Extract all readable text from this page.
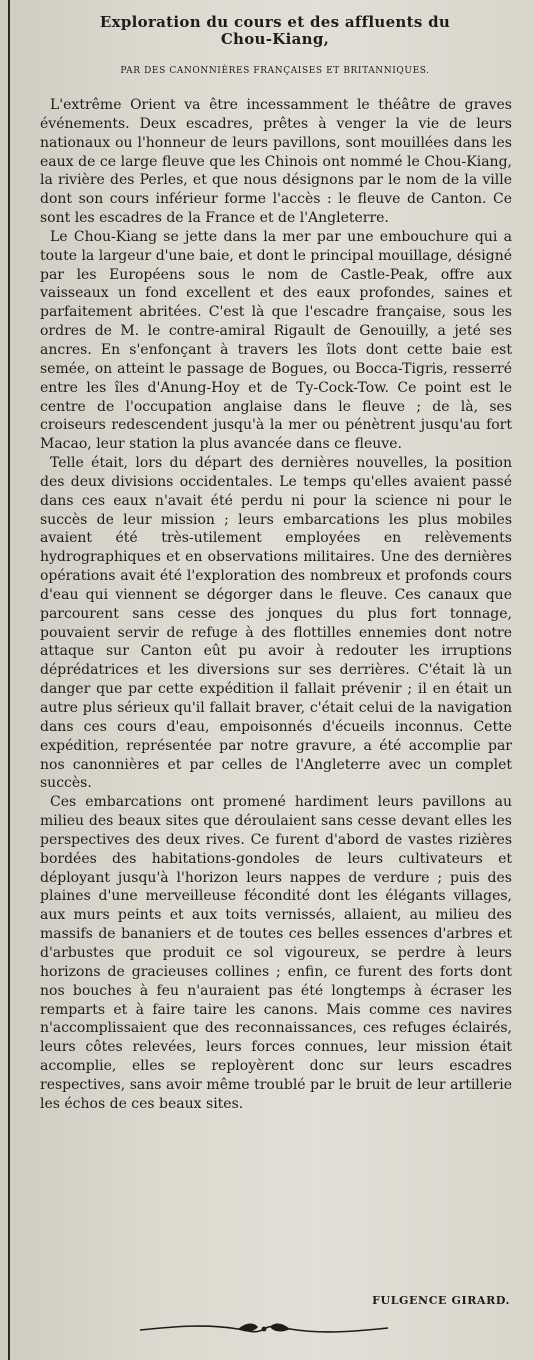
Exploration du cours et des affluents du
Chou-Kiang,
PAR DES CANONNIÈRES FRANÇAISES ET BRITANNIQUES.

L'extrême Orient va être incessamment le théâtre de graves événements. Deux escadres, prêtes à venger la vie de leurs nationaux ou l'honneur de leurs pavillons, sont mouillées dans les eaux de ce large fleuve que les Chinois ont nommé le Chou-Kiang, la rivière des Perles, et que nous désignons par le nom de la ville dont son cours inférieur forme l'accès : le fleuve de Canton. Ce sont les escadres de la France et de l'Angleterre.

Le Chou-Kiang se jette dans la mer par une embouchure qui a toute la largeur d'une baie, et dont le principal mouillage, désigné par les Européens sous le nom de Castle-Peak, offre aux vaisseaux un fond excellent et des eaux profondes, saines et parfaitement abritées. C'est là que l'escadre française, sous les ordres de M. le contre-amiral Rigault de Genouilly, a jeté ses ancres. En s'enfonçant à travers les îlots dont cette baie est semée, on atteint le passage de Bogues, ou Bocca-Tigris, resserré entre les îles d'Anung-Hoy et de Ty-Cock-Tow. Ce point est le centre de l'occupation anglaise dans le fleuve ; de là, ses croiseurs redescendent jusqu'à la mer ou pénètrent jusqu'au fort Macao, leur station la plus avancée dans ce fleuve.

Telle était, lors du départ des dernières nouvelles, la position des deux divisions occidentales. Le temps qu'elles avaient passé dans ces eaux n'avait été perdu ni pour la science ni pour le succès de leur mission ; leurs embarcations les plus mobiles avaient été très-utilement employées en relèvements hydrographiques et en observations militaires. Une des dernières opérations avait été l'exploration des nombreux et profonds cours d'eau qui viennent se dégorger dans le fleuve. Ces canaux que parcourent sans cesse des jonques du plus fort tonnage, pouvaient servir de refuge à des flottilles ennemies dont notre attaque sur Canton eût pu avoir à redouter les irruptions déprédatrices et les diversions sur ses derrières. C'était là un danger que par cette expédition il fallait prévenir ; il en était un autre plus sérieux qu'il fallait braver, c'était celui de la navigation dans ces cours d'eau, empoisonnés d'écueils inconnus. Cette expédition, représentée par notre gravure, a été accomplie par nos canonnières et par celles de l'Angleterre avec un complet succès.

Ces embarcations ont promené hardiment leurs pavillons au milieu des beaux sites que déroulaient sans cesse devant elles les perspectives des deux rives. Ce furent d'abord de vastes rizières bordées des habitations-gondoles de leurs cultivateurs et déployant jusqu'à l'horizon leurs nappes de verdure ; puis des plaines d'une merveilleuse fécondité dont les élégants villages, aux murs peints et aux toits vernissés, allaient, au milieu des massifs de bananiers et de toutes ces belles essences d'arbres et d'arbustes que produit ce sol vigoureux, se perdre à leurs horizons de gracieuses collines ; enfin, ce furent des forts dont nos bouches à feu n'auraient pas été longtemps à écraser les remparts et à faire taire les canons. Mais comme ces navires n'accomplissaient que des reconnaissances, ces refuges éclairés, leurs côtes relevées, leurs forces connues, leur mission était accomplie, elles se reployèrent donc sur leurs escadres respectives, sans avoir même troublé par le bruit de leur artillerie les échos de ces beaux sites.

FULGENCE GIRARD.
